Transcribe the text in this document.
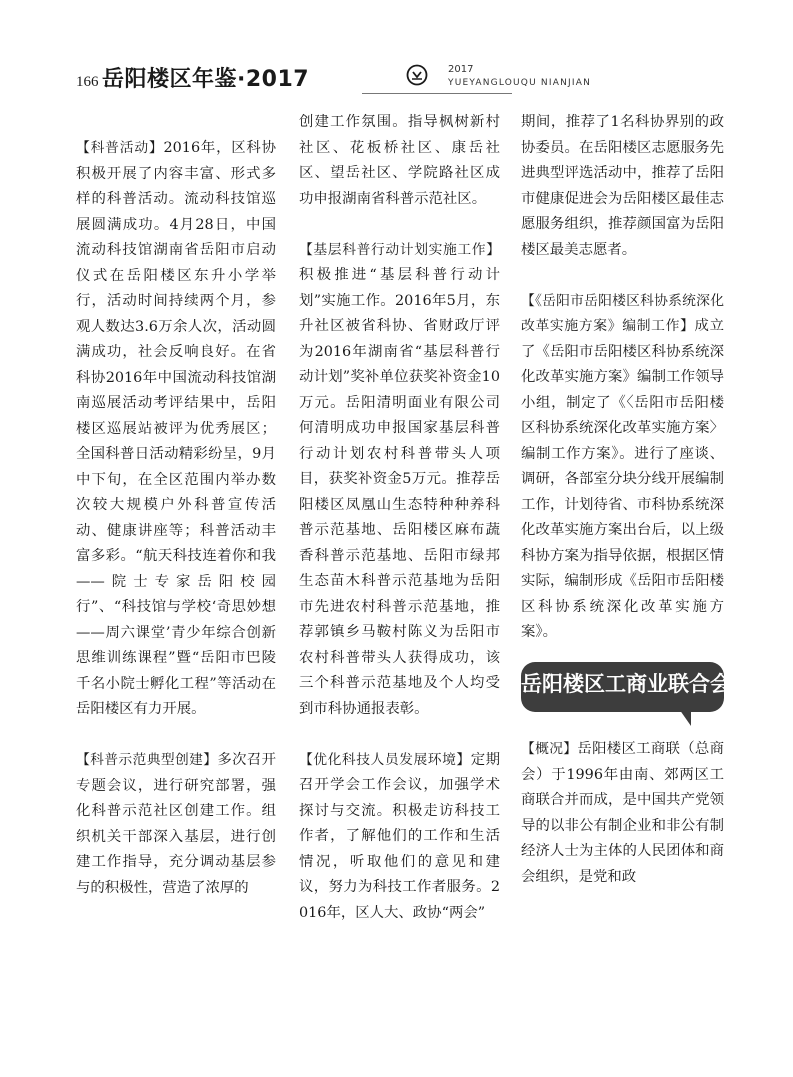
166 岳阳楼区年鉴·2017	2017
YUEYANGLOUQU NIANJIAN

【科普活动】2016年，区科协积极开展了内容丰富、形式多样的科普活动。流动科技馆巡展圆满成功。4月28日，中国流动科技馆湖南省岳阳市启动仪式在岳阳楼区东升小学举行，活动时间持续两个月，参观人数达3.6万余人次，活动圆满成功，社会反响良好。在省科协2016年中国流动科技馆湖南巡展活动考评结果中，岳阳楼区巡展站被评为优秀展区；全国科普日活动精彩纷呈，9月中下旬，在全区范围内举办数次较大规模户外科普宣传活动、健康讲座等；科普活动丰富多彩。“航天科技连着你和我——院士专家岳阳校园行”、“科技馆与学校‘奇思妙想——周六课堂’青少年综合创新思维训练课程”暨“岳阳市巴陵千名小院士孵化工程”等活动在岳阳楼区有力开展。

【科普示范典型创建】多次召开专题会议，进行研究部署，强化科普示范社区创建工作。组织机关干部深入基层，进行创建工作指导，充分调动基层参与的积极性，营造了浓厚的

创建工作氛围。指导枫树新村社区、花板桥社区、康岳社区、望岳社区、学院路社区成功申报湖南省科普示范社区。

【基层科普行动计划实施工作】积极推进“基层科普行动计划”实施工作。2016年5月，东升社区被省科协、省财政厅评为2016年湖南省“基层科普行动计划”奖补单位获奖补资金10万元。岳阳清明面业有限公司何清明成功申报国家基层科普行动计划农村科普带头人项目，获奖补资金5万元。推荐岳阳楼区凤凰山生态特种种养科普示范基地、岳阳楼区麻布蔬香科普示范基地、岳阳市绿邦生态苗木科普示范基地为岳阳市先进农村科普示范基地，推荐郭镇乡马鞍村陈义为岳阳市农村科普带头人获得成功，该三个科普示范基地及个人均受到市科协通报表彰。

【优化科技人员发展环境】定期召开学会工作会议，加强学术探讨与交流。积极走访科技工作者，了解他们的工作和生活情况，听取他们的意见和建议，努力为科技工作者服务。2016年，区人大、政协“两会”

期间，推荐了1名科协界别的政协委员。在岳阳楼区志愿服务先进典型评选活动中，推荐了岳阳市健康促进会为岳阳楼区最佳志愿服务组织，推荐颜国富为岳阳楼区最美志愿者。

【《岳阳市岳阳楼区科协系统深化改革实施方案》编制工作】成立了《岳阳市岳阳楼区科协系统深化改革实施方案》编制工作领导小组，制定了《〈岳阳市岳阳楼区科协系统深化改革实施方案〉编制工作方案》。进行了座谈、调研，各部室分块分线开展编制工作，计划待省、市科协系统深化改革实施方案出台后，以上级科协方案为指导依据，根据区情实际，编制形成《岳阳市岳阳楼区科协系统深化改革实施方案》。

岳阳楼区工商业联合会

【概况】岳阳楼区工商联（总商会）于1996年由南、郊两区工商联合并而成，是中国共产党领导的以非公有制企业和非公有制经济人士为主体的人民团体和商会组织，是党和政
